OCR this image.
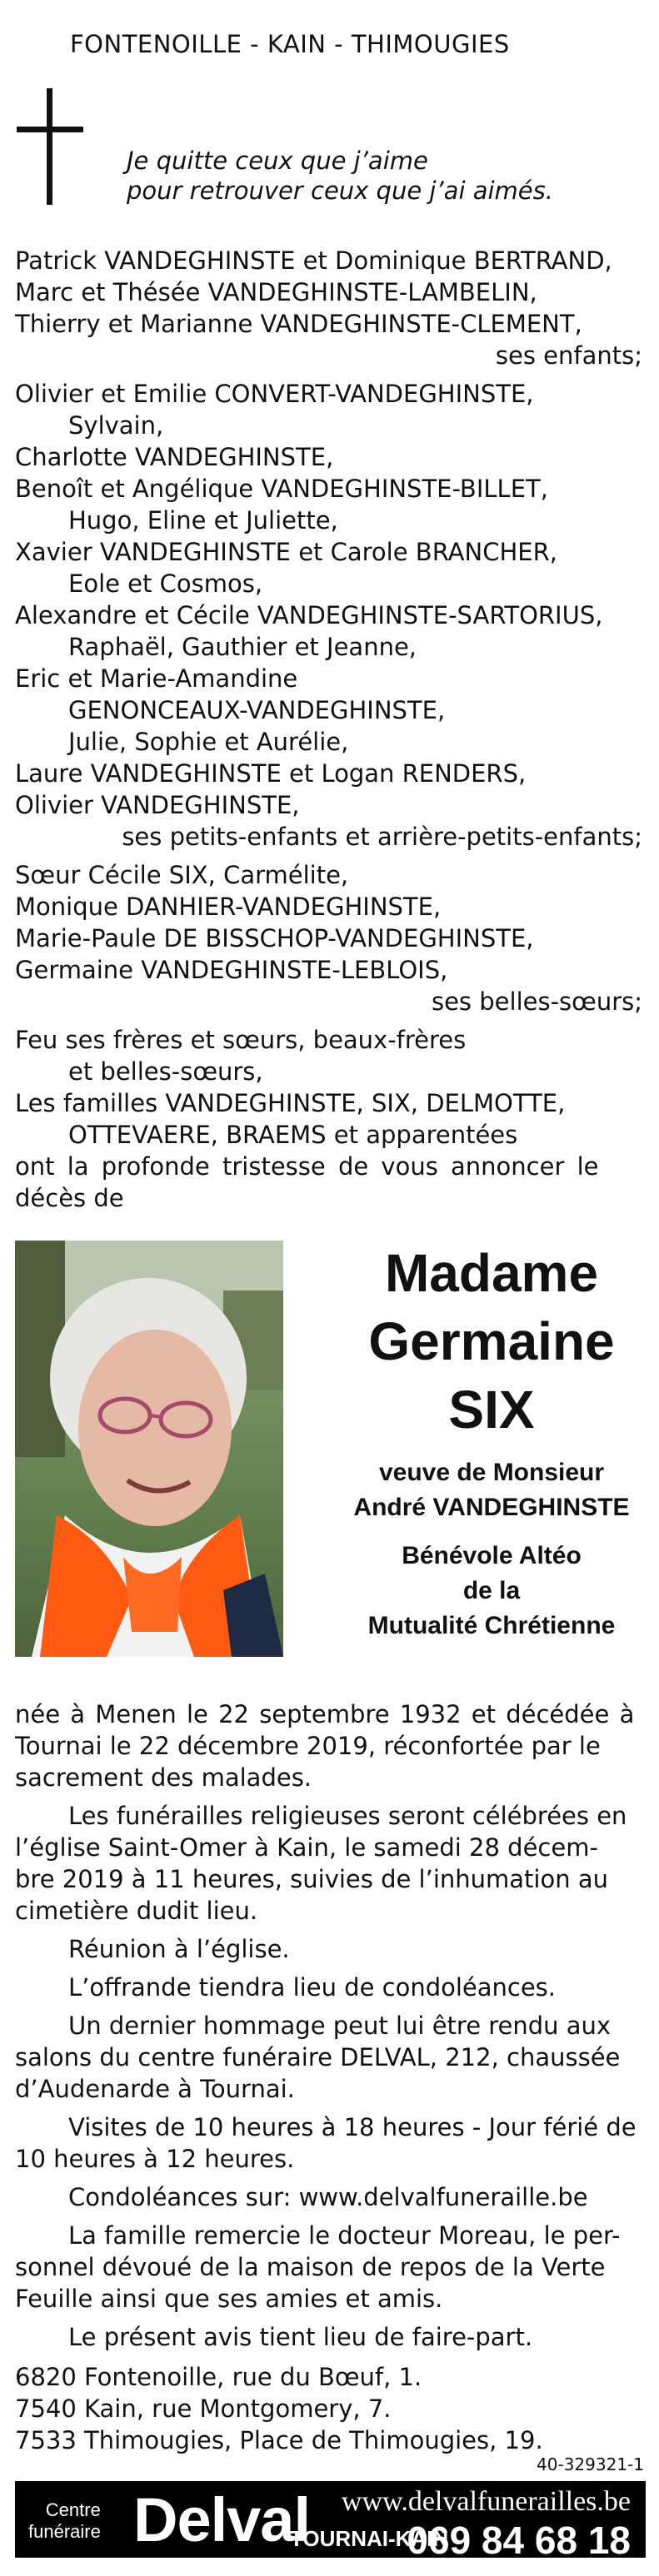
FONTENOILLE - KAIN - THIMOUGIES
Je quitte ceux que j’aime
pour retrouver ceux que j’ai aimés.
Patrick VANDEGHINSTE et Dominique BERTRAND,
Marc et Thésée VANDEGHINSTE-LAMBELIN,
Thierry et Marianne VANDEGHINSTE-CLEMENT,
ses enfants;
Olivier et Emilie CONVERT-VANDEGHINSTE,
Sylvain,
Charlotte VANDEGHINSTE,
Benoît et Angélique VANDEGHINSTE-BILLET,
Hugo, Eline et Juliette,
Xavier VANDEGHINSTE et Carole BRANCHER,
Eole et Cosmos,
Alexandre et Cécile VANDEGHINSTE-SARTORIUS,
Raphaël, Gauthier et Jeanne,
Eric et Marie-Amandine
GENONCEAUX-VANDEGHINSTE,
Julie, Sophie et Aurélie,
Laure VANDEGHINSTE et Logan RENDERS,
Olivier VANDEGHINSTE,
ses petits-enfants et arrière-petits-enfants;
Sœur Cécile SIX, Carmélite,
Monique DANHIER-VANDEGHINSTE,
Marie-Paule DE BISSCHOP-VANDEGHINSTE,
Germaine VANDEGHINSTE-LEBLOIS,
ses belles-sœurs;
Feu ses frères et sœurs, beaux-frères
et belles-sœurs,
Les familles VANDEGHINSTE, SIX, DELMOTTE,
OTTEVAERE, BRAEMS et apparentées
ont la profonde tristesse de vous annoncer le
décès de
Madame
Germaine
SIX
veuve de Monsieur
André VANDEGHINSTE
Bénévole Altéo
de la
Mutualité Chrétienne
née à Menen le 22 septembre 1932 et décédée à
Tournai le 22 décembre 2019, réconfortée par le
sacrement des malades.
Les funérailles religieuses seront célébrées en
l’église Saint-Omer à Kain, le samedi 28 décem-
bre 2019 à 11 heures, suivies de l’inhumation au
cimetière dudit lieu.
Réunion à l’église.
L’offrande tiendra lieu de condoléances.
Un dernier hommage peut lui être rendu aux
salons du centre funéraire DELVAL, 212, chaussée
d’Audenarde à Tournai.
Visites de 10 heures à 18 heures - Jour férié de
10 heures à 12 heures.
Condoléances sur: www.delvalfuneraille.be
La famille remercie le docteur Moreau, le per-
sonnel dévoué de la maison de repos de la Verte
Feuille ainsi que ses amies et amis.
Le présent avis tient lieu de faire-part.
6820 Fontenoille, rue du Bœuf, 1.
7540 Kain, rue Montgomery, 7.
7533 Thimougies, Place de Thimougies, 19.
40-329321-1
Centre
funéraire Delval www.delvalfunerailles.be
TOURNAI-KAIN
069 84 68 18
